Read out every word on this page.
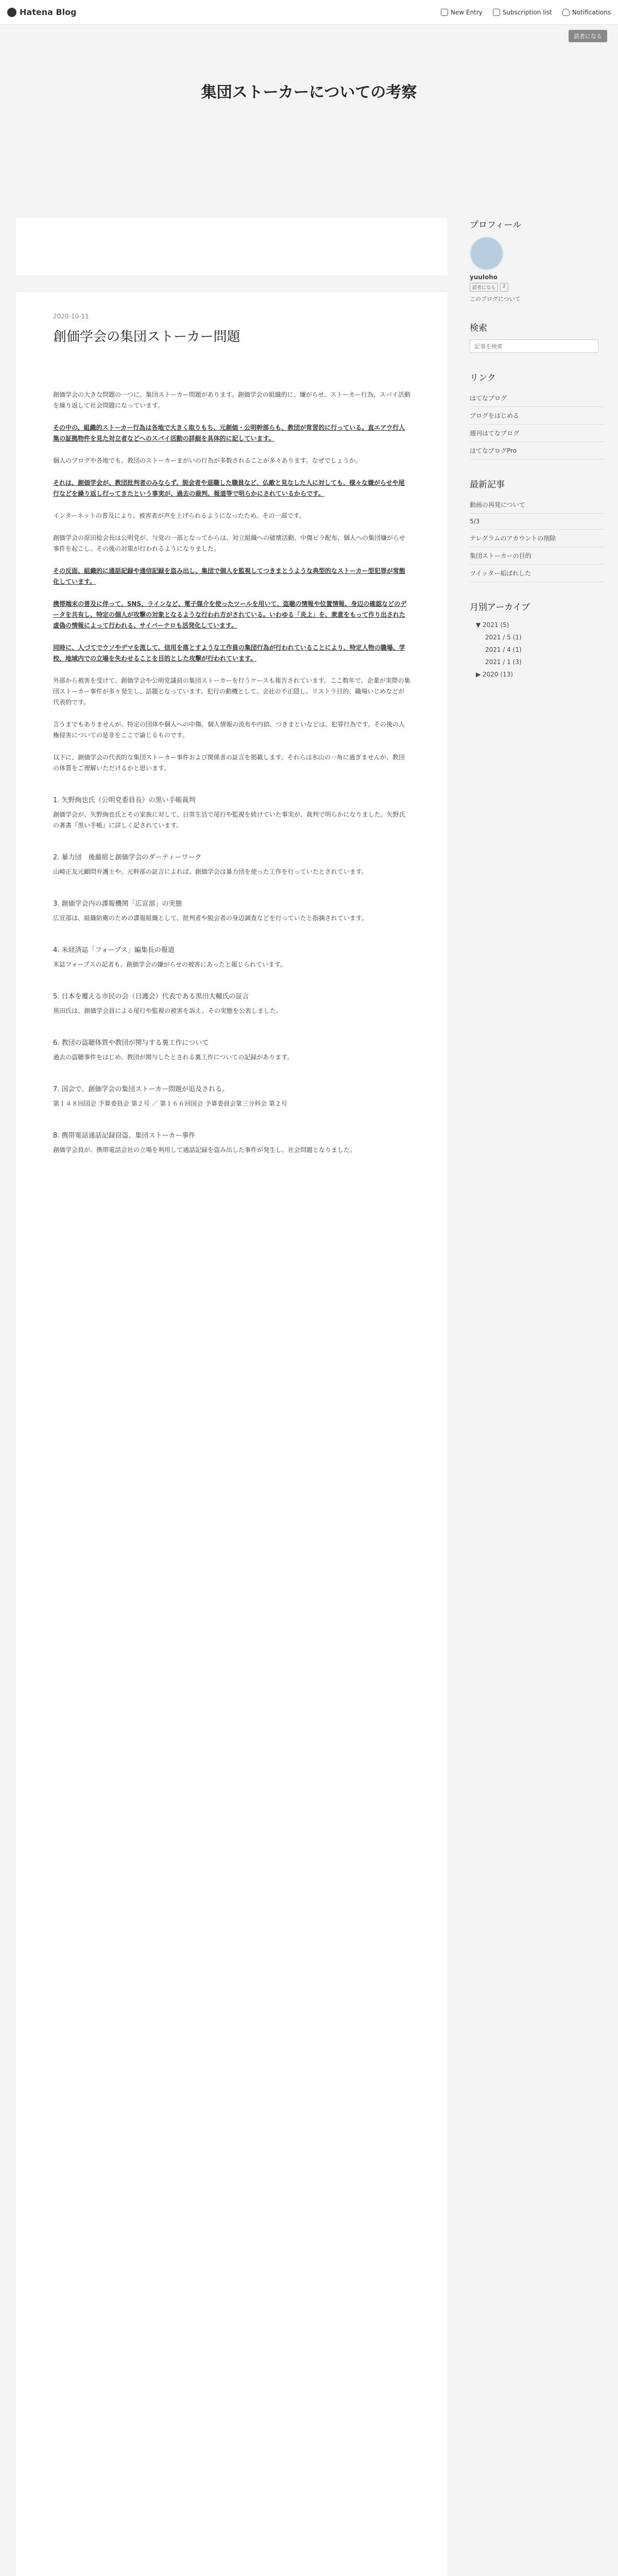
Hatena Blog	New Entry	Subscription list	Notifications
読者になる
集団ストーカーについての考察
2020-10-11
創価学会の集団ストーカー問題

創価学会の大きな問題の一つに、集団ストーカー問題があります。創価学会の組織的に、嫌がらせ、ストーカー行為、スパイ活動を繰り返して社会問題になっています。

その中の、組織的ストーカー行為は各地で大きく取りもち、元創価・公明幹部らも、教団が常習的に行っている。直エアウ行人集の証拠物件を見た対立者などへのスパイ活動の詳細を具体的に記しています。

個人のブログや各地でも、教団のストーカーまがいの行為が多数されることが多々あります。なぜでしょうか。

それは、創価学会が、教団批判者のみならず、脱会者や退職した職員など、仏敵と見なした人に対しても、様々な嫌がらせや尾行などを繰り返し行ってきたという事実が、過去の裁判、報道等で明らかにされているからです。

インターネットの普及により、被害者が声を上げられるようになったため、その一部です。

創価学会の原田稔会長は公明党が、与党の一部となってからは、対立組織への破壊活動、中傷ビラ配布、個人への集団嫌がらせ事件を起こし、その後の対策が行われるようになりました。

その反面、組織的に通話記録や通信記録を盗み出し、集団で個人を監視してつきまとうような典型的なストーカー型犯罪が常態化しています。

携帯端末の普及に伴って、SNS、ラインなど、電子媒介を使ったツールを用いて、盗聴の情報や位置情報、身辺の確認などのデータを共有し、特定の個人が攻撃の対象となるような行われ方がされている。いわゆる「炎上」を、衆意をもって作り出された虚偽の情報によって行われる、サイバーテロも活発化しています。

同時に、人づてでウソやデマを流して、信用を落とすような工作員の集団行為が行われていることにより、特定人物の職場、学校、地域内での立場を失わせることを目的とした攻撃が行われています。

外部から被害を受けて、創価学会や公明党議員の集団ストーカーを行うケースも報告されています。ここ数年で、企業が実際の集団ストーカー事件が多々発生し、話題となっています。犯行の動機として、会社の不正隠し、リストラ目的、職場いじめなどが代表的です。

言うまでもありませんが、特定の団体や個人への中傷、個人情報の流布や内偵、つきまといなどは、犯罪行為です。その後の人権侵害についての是非をここで論じるものです。

以下に、創価学会の代表的な集団ストーカー事件および関係者の証言を掲載します。それらは氷山の一角に過ぎませんが、教団の体質をご理解いただけるかと思います。

1. 矢野絢也氏（公明党委員長）の黒い手帳裁判

創価学会が、矢野絢也氏とその家族に対して、日常生活で尾行や監視を続けていた事実が、裁判で明らかになりました。矢野氏の著書『黒い手帳』に詳しく記されています。

2. 暴力団　後藤組と創価学会のダーティーワーク

山崎正友元顧問弁護士や、元幹部の証言によれば、創価学会は暴力団を使った工作を行っていたとされています。

3. 創価学会内の諜報機関「広宣部」の実態

広宣部は、組織防衛のための諜報組織として、批判者や脱会者の身辺調査などを行っていたと指摘されています。

4. 米経済誌「フォーブス」編集長の報道

米誌フォーブスの記者も、創価学会の嫌がらせの被害にあったと報じられています。

5. 日本を覆える市民の会（日護会）代表である黒田大輔氏の証言

黒田氏は、創価学会員による尾行や監視の被害を訴え、その実態を公表しました。

6. 教団の盗聴体質や教団が関与する裏工作について

過去の盗聴事件をはじめ、教団が関与したとされる裏工作についての記録があります。

7. 国会で、創価学会の集団ストーカー問題が追及される。

第１４８回国会 予算委員会 第２号 ／ 第１６６回国会 予算委員会第三分科会 第２号

8. 携帯電話通話記録窃盗、集団ストーカー事件

創価学会員が、携帯電話会社の立場を利用して通話記録を盗み出した事件が発生し、社会問題となりました。

プロフィール
yuuloho
読者になる	2
このブログについて
検索
記事を検索
リンク
はてなブログ
ブログをはじめる
週刊はてなブログ
はてなブログPro
最新記事
動画の再発について
5/3
テレグラムのアカウントの削除
集団ストーカーの目的
ツイッター垢ばれした
月別アーカイブ
▼ 2021 (5)
2021 / 5 (1)
2021 / 4 (1)
2021 / 1 (3)
▶ 2020 (13)
